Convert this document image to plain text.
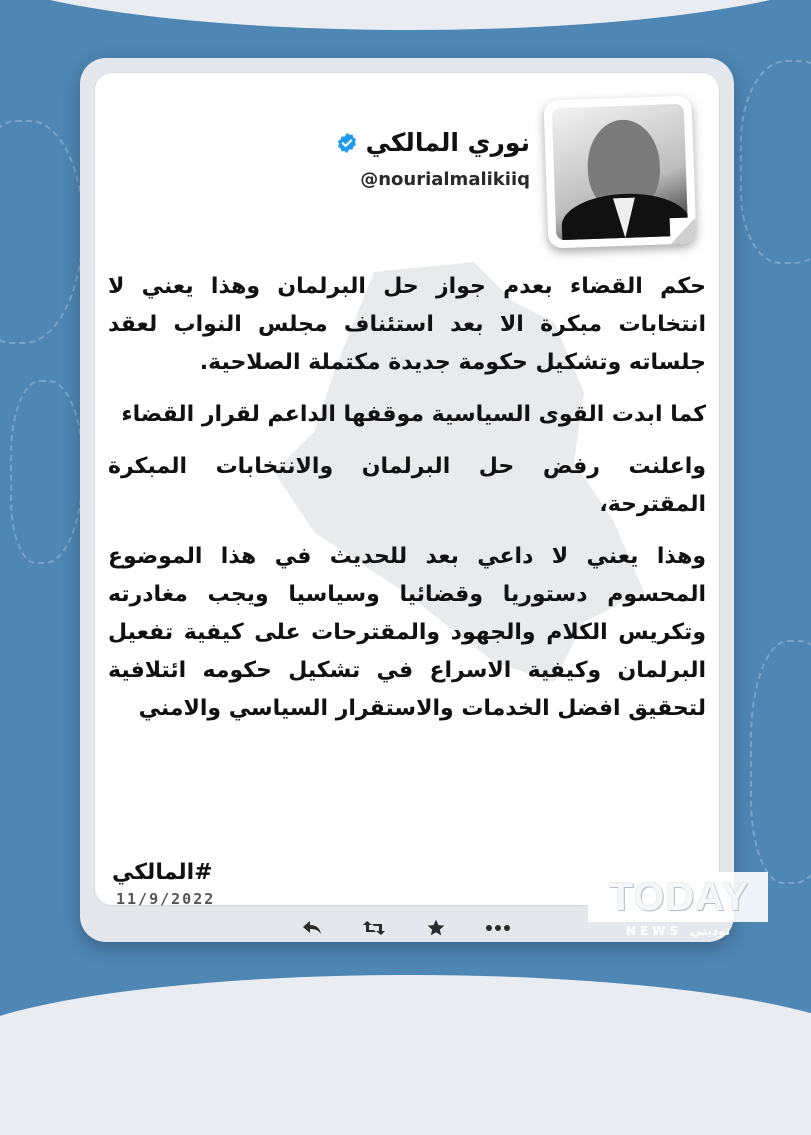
نوري المالكي
@nourialmalikiiq

حكم القضاء بعدم جواز حل البرلمان وهذا يعني لا انتخابات مبكرة الا بعد استئناف مجلس النواب لعقد جلساته وتشكيل حكومة جديدة مكتملة الصلاحية.

كما ابدت القوى السياسية موقفها الداعم لقرار القضاء

واعلنت رفض حل البرلمان والانتخابات المبكرة المقترحة،

وهذا يعني لا داعي بعد للحديث في هذا الموضوع المحسوم دستوريا وقضائيا وسياسيا ويجب مغادرته وتكريس الكلام والجهود والمقترحات على كيفية تفعيل البرلمان وكيفية الاسراع في تشكيل حكومه ائتلافية لتحقيق افضل الخدمات والاستقرار السياسي والامني

#المالكي
11/9/2022	TODAY
NEWS توديني
